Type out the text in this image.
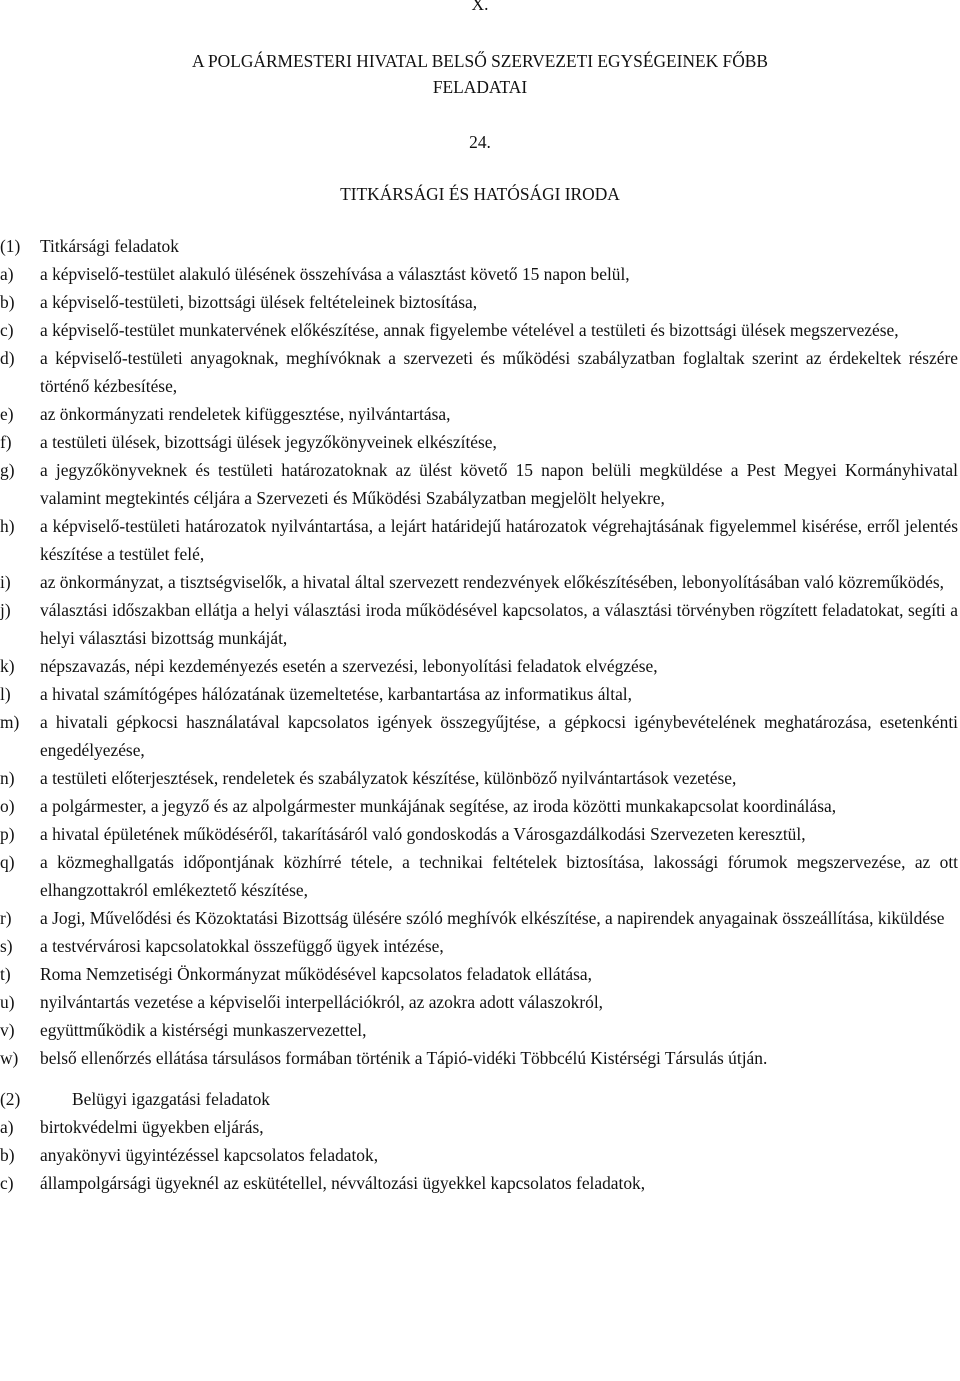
X.
A POLGÁRMESTERI HIVATAL BELSŐ SZERVEZETI EGYSÉGEINEK FŐBB
FELADATAI
24.
TITKÁRSÁGI ÉS HATÓSÁGI IRODA
(1)	Titkársági feladatok
a)	a képviselő-testület alakuló ülésének összehívása a választást követő 15 napon belül,
b)	a képviselő-testületi, bizottsági ülések feltételeinek biztosítása,
c)	a képviselő-testület munkatervének előkészítése, annak figyelembe vételével a testületi és bizottsági ülések megszervezése,
d)	a képviselő-testületi anyagoknak, meghívóknak a szervezeti és működési szabályzatban foglaltak szerint az érdekeltek részére történő kézbesítése,
e)	az önkormányzati rendeletek kifüggesztése, nyilvántartása,
f)	a testületi ülések, bizottsági ülések jegyzőkönyveinek elkészítése,
g)	a jegyzőkönyveknek és testületi határozatoknak az ülést követő 15 napon belüli megküldése a Pest Megyei Kormányhivatal valamint megtekintés céljára a Szervezeti és Működési Szabályzatban megjelölt helyekre,
h)	a képviselő-testületi határozatok nyilvántartása, a lejárt határidejű határozatok végrehajtásának figyelemmel kisérése, erről jelentés készítése a testület felé,
i)	az önkormányzat, a tisztségviselők, a hivatal által szervezett rendezvények előkészítésében, lebonyolításában való közreműködés,
j)	választási időszakban ellátja a helyi választási iroda működésével kapcsolatos, a választási törvényben rögzített feladatokat, segíti a helyi választási bizottság munkáját,
k)	népszavazás, népi kezdeményezés esetén a szervezési, lebonyolítási feladatok elvégzése,
l)	a hivatal számítógépes hálózatának üzemeltetése, karbantartása az informatikus által,
m)	a hivatali gépkocsi használatával kapcsolatos igények összegyűjtése, a gépkocsi igénybevételének meghatározása, esetenkénti engedélyezése,
n)	a testületi előterjesztések, rendeletek és szabályzatok készítése, különböző nyilvántartások vezetése,
o)	a polgármester, a jegyző és az alpolgármester munkájának segítése, az iroda közötti munkakapcsolat koordinálása,
p)	a hivatal épületének működéséről, takarításáról való gondoskodás a Városgazdálkodási Szervezeten keresztül,
q)	a közmeghallgatás időpontjának közhírré tétele, a technikai feltételek biztosítása, lakossági fórumok megszervezése, az ott elhangzottakról emlékeztető készítése,
r)	a Jogi, Művelődési és Közoktatási Bizottság ülésére szóló meghívók elkészítése, a napirendek anyagainak összeállítása, kiküldése
s)	a testvérvárosi kapcsolatokkal összefüggő ügyek intézése,
t)	Roma Nemzetiségi Önkormányzat működésével kapcsolatos feladatok ellátása,
u)	nyilvántartás vezetése a képviselői interpellációkról, az azokra adott válaszokról,
v)	együttműködik a kistérségi munkaszervezettel,
w)	belső ellenőrzés ellátása társulásos formában történik a Tápió-vidéki Többcélú Kistérségi Társulás útján.
(2)	Belügyi igazgatási feladatok
a)	birtokvédelmi ügyekben eljárás,
b)	anyakönyvi ügyintézéssel kapcsolatos feladatok,
c)	állampolgársági ügyeknél az eskütétellel, névváltozási ügyekkel kapcsolatos feladatok,
